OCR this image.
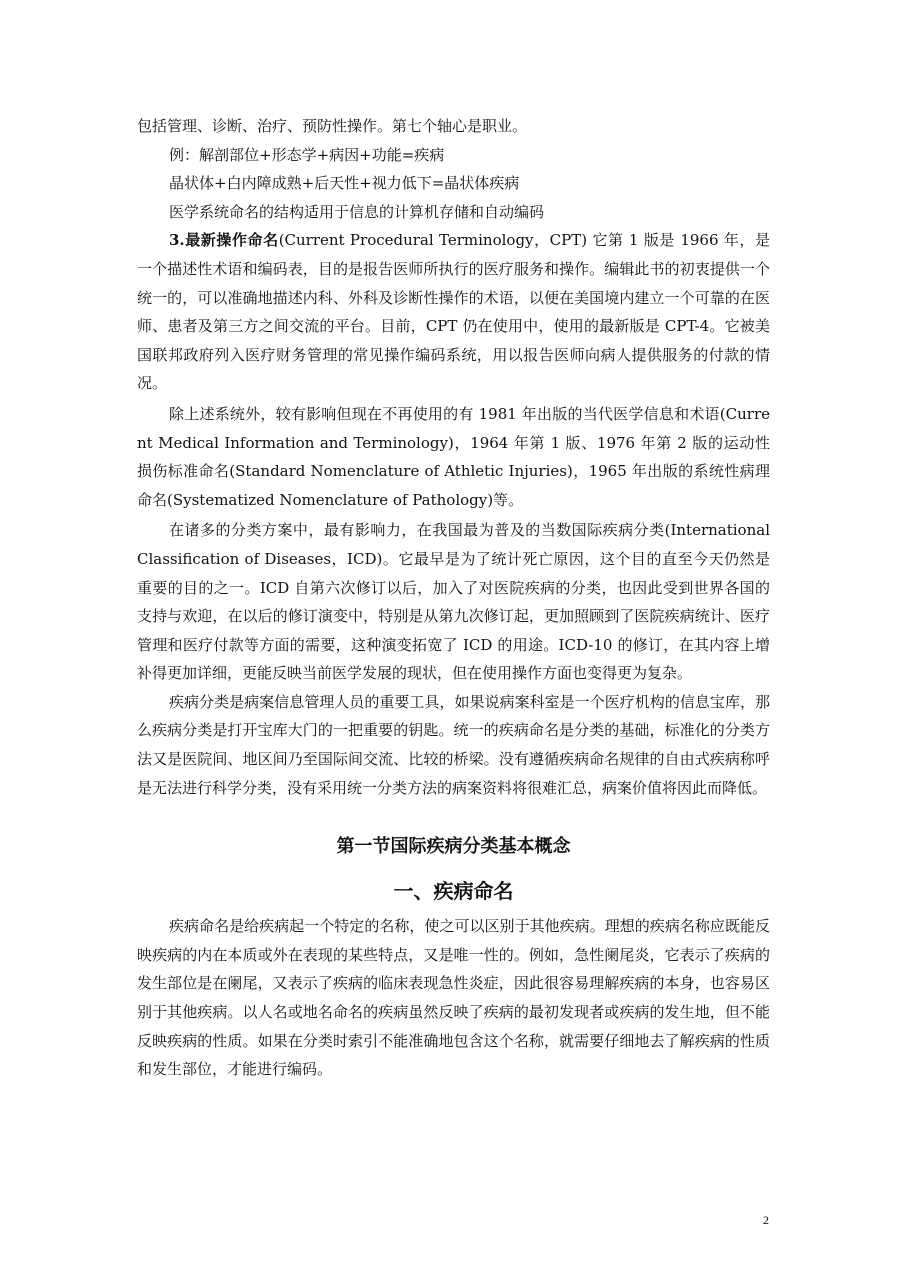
包括管理、诊断、治疗、预防性操作。第七个轴心是职业。

例：解剖部位+形态学+病因+功能=疾病

晶状体+白内障成熟+后天性+视力低下=晶状体疾病

医学系统命名的结构适用于信息的计算机存储和自动编码

3.最新操作命名(Current Procedural Terminology，CPT) 它第 1 版是 1966 年，是一个描述性术语和编码表，目的是报告医师所执行的医疗服务和操作。编辑此书的初衷提供一个统一的，可以准确地描述内科、外科及诊断性操作的术语，以便在美国境内建立一个可靠的在医师、患者及第三方之间交流的平台。目前，CPT 仍在使用中，使用的最新版是 CPT-4。它被美国联邦政府列入医疗财务管理的常见操作编码系统，用以报告医师向病人提供服务的付款的情况。

除上述系统外，较有影响但现在不再使用的有 1981 年出版的当代医学信息和术语(Current Medical Information and Terminology)，1964 年第 1 版、1976 年第 2 版的运动性损伤标准命名(Standard Nomenclature of Athletic Injuries)，1965 年出版的系统性病理命名(Systematized Nomenclature of Pathology)等。

在诸多的分类方案中，最有影响力，在我国最为普及的当数国际疾病分类(International Classification of Diseases，ICD)。它最早是为了统计死亡原因，这个目的直至今天仍然是重要的目的之一。ICD 自第六次修订以后，加入了对医院疾病的分类，也因此受到世界各国的支持与欢迎，在以后的修订演变中，特别是从第九次修订起，更加照顾到了医院疾病统计、医疗管理和医疗付款等方面的需要，这种演变拓宽了 ICD 的用途。ICD-10 的修订，在其内容上增补得更加详细，更能反映当前医学发展的现状，但在使用操作方面也变得更为复杂。

疾病分类是病案信息管理人员的重要工具，如果说病案科室是一个医疗机构的信息宝库，那么疾病分类是打开宝库大门的一把重要的钥匙。统一的疾病命名是分类的基础，标准化的分类方法又是医院间、地区间乃至国际间交流、比较的桥梁。没有遵循疾病命名规律的自由式疾病称呼是无法进行科学分类，没有采用统一分类方法的病案资料将很难汇总，病案价值将因此而降低。

第一节国际疾病分类基本概念
一、疾病命名

疾病命名是给疾病起一个特定的名称，使之可以区别于其他疾病。理想的疾病名称应既能反映疾病的内在本质或外在表现的某些特点，又是唯一性的。例如，急性阑尾炎，它表示了疾病的发生部位是在阑尾，又表示了疾病的临床表现急性炎症，因此很容易理解疾病的本身，也容易区别于其他疾病。以人名或地名命名的疾病虽然反映了疾病的最初发现者或疾病的发生地，但不能反映疾病的性质。如果在分类时索引不能准确地包含这个名称，就需要仔细地去了解疾病的性质和发生部位，才能进行编码。

2
